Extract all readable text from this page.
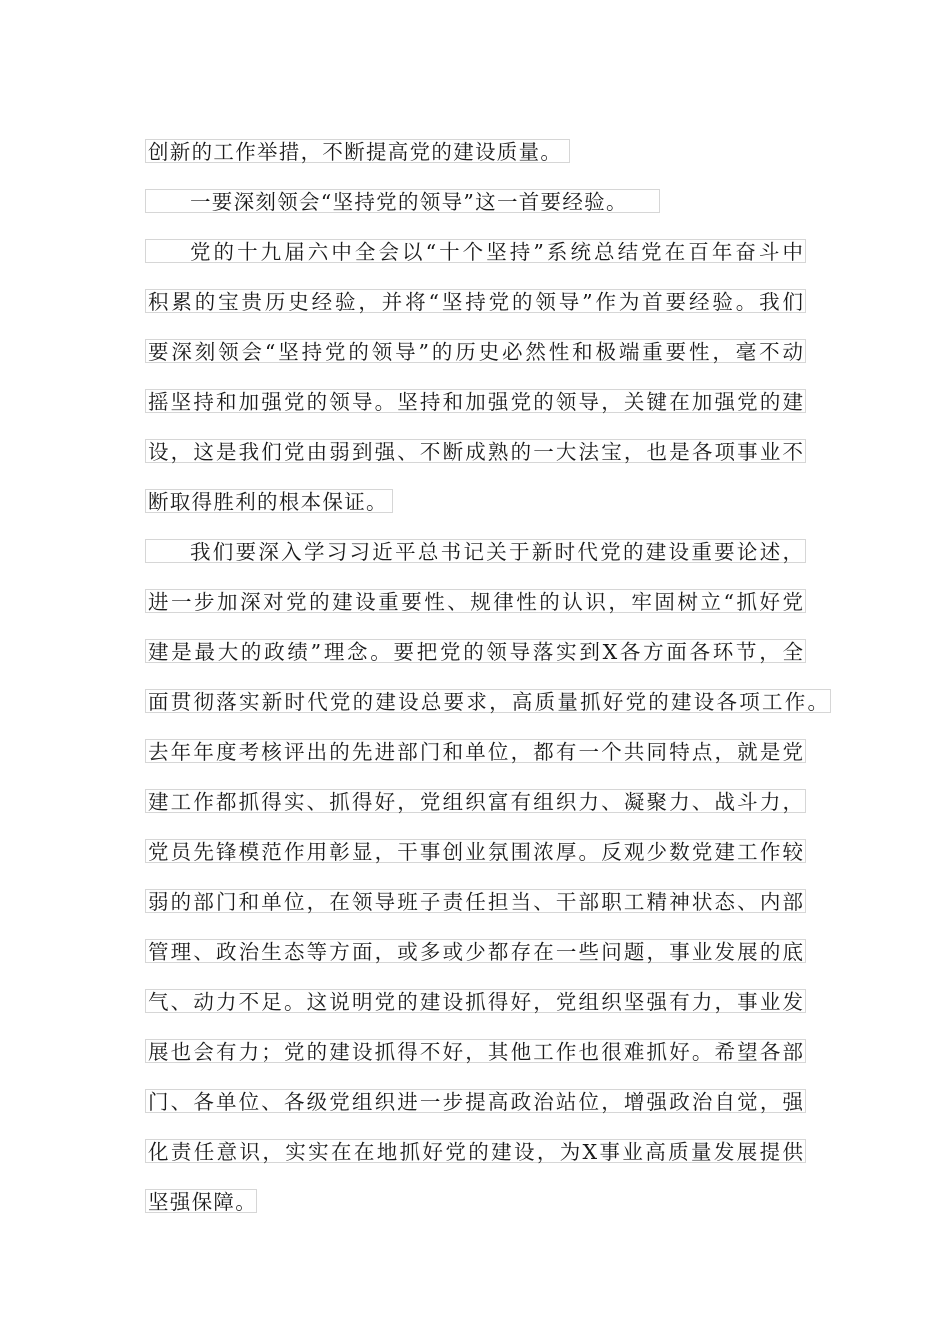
创新的工作举措，不断提高党的建设质量。
一要深刻领会“坚持党的领导”这一首要经验。
党的十九届六中全会以“十个坚持”系统总结党在百年奋斗中
积累的宝贵历史经验，并将“坚持党的领导”作为首要经验。我们
要深刻领会“坚持党的领导”的历史必然性和极端重要性，毫不动
摇坚持和加强党的领导。坚持和加强党的领导，关键在加强党的建
设，这是我们党由弱到强、不断成熟的一大法宝，也是各项事业不
断取得胜利的根本保证。
我们要深入学习习近平总书记关于新时代党的建设重要论述，
进一步加深对党的建设重要性、规律性的认识，牢固树立“抓好党
建是最大的政绩”理念。要把党的领导落实到X各方面各环节，全
面贯彻落实新时代党的建设总要求，高质量抓好党的建设各项工作。
去年年度考核评出的先进部门和单位，都有一个共同特点，就是党
建工作都抓得实、抓得好，党组织富有组织力、凝聚力、战斗力，
党员先锋模范作用彰显，干事创业氛围浓厚。反观少数党建工作较
弱的部门和单位，在领导班子责任担当、干部职工精神状态、内部
管理、政治生态等方面，或多或少都存在一些问题，事业发展的底
气、动力不足。这说明党的建设抓得好，党组织坚强有力，事业发
展也会有力；党的建设抓得不好，其他工作也很难抓好。希望各部
门、各单位、各级党组织进一步提高政治站位，增强政治自觉，强
化责任意识，实实在在地抓好党的建设，为X事业高质量发展提供
坚强保障。
